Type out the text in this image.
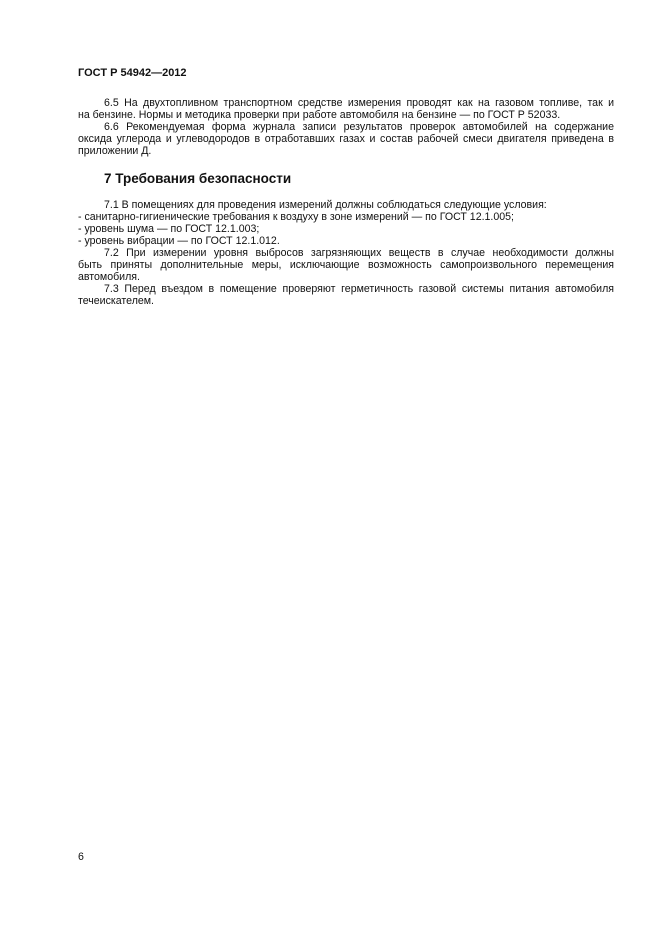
ГОСТ Р 54942—2012
6.5 На двухтопливном транспортном средстве измерения проводят как на газовом топливе, так и
на бензине. Нормы и методика проверки при работе автомобиля на бензине — по ГОСТ Р 52033.
6.6 Рекомендуемая форма журнала записи результатов проверок автомобилей на содержание
оксида углерода и углеводородов в отработавших газах и состав рабочей смеси двигателя приведена в
приложении Д.
7 Требования безопасности
7.1 В помещениях для проведения измерений должны соблюдаться следующие условия:
- санитарно-гигиенические требования к воздуху в зоне измерений — по ГОСТ 12.1.005;
- уровень шума — по ГОСТ 12.1.003;
- уровень вибрации — по ГОСТ 12.1.012.
7.2 При измерении уровня выбросов загрязняющих веществ в случае необходимости должны
быть приняты дополнительные меры, исключающие возможность самопроизвольного перемещения
автомобиля.
7.3 Перед въездом в помещение проверяют герметичность газовой системы питания автомобиля
течеискателем.
6
